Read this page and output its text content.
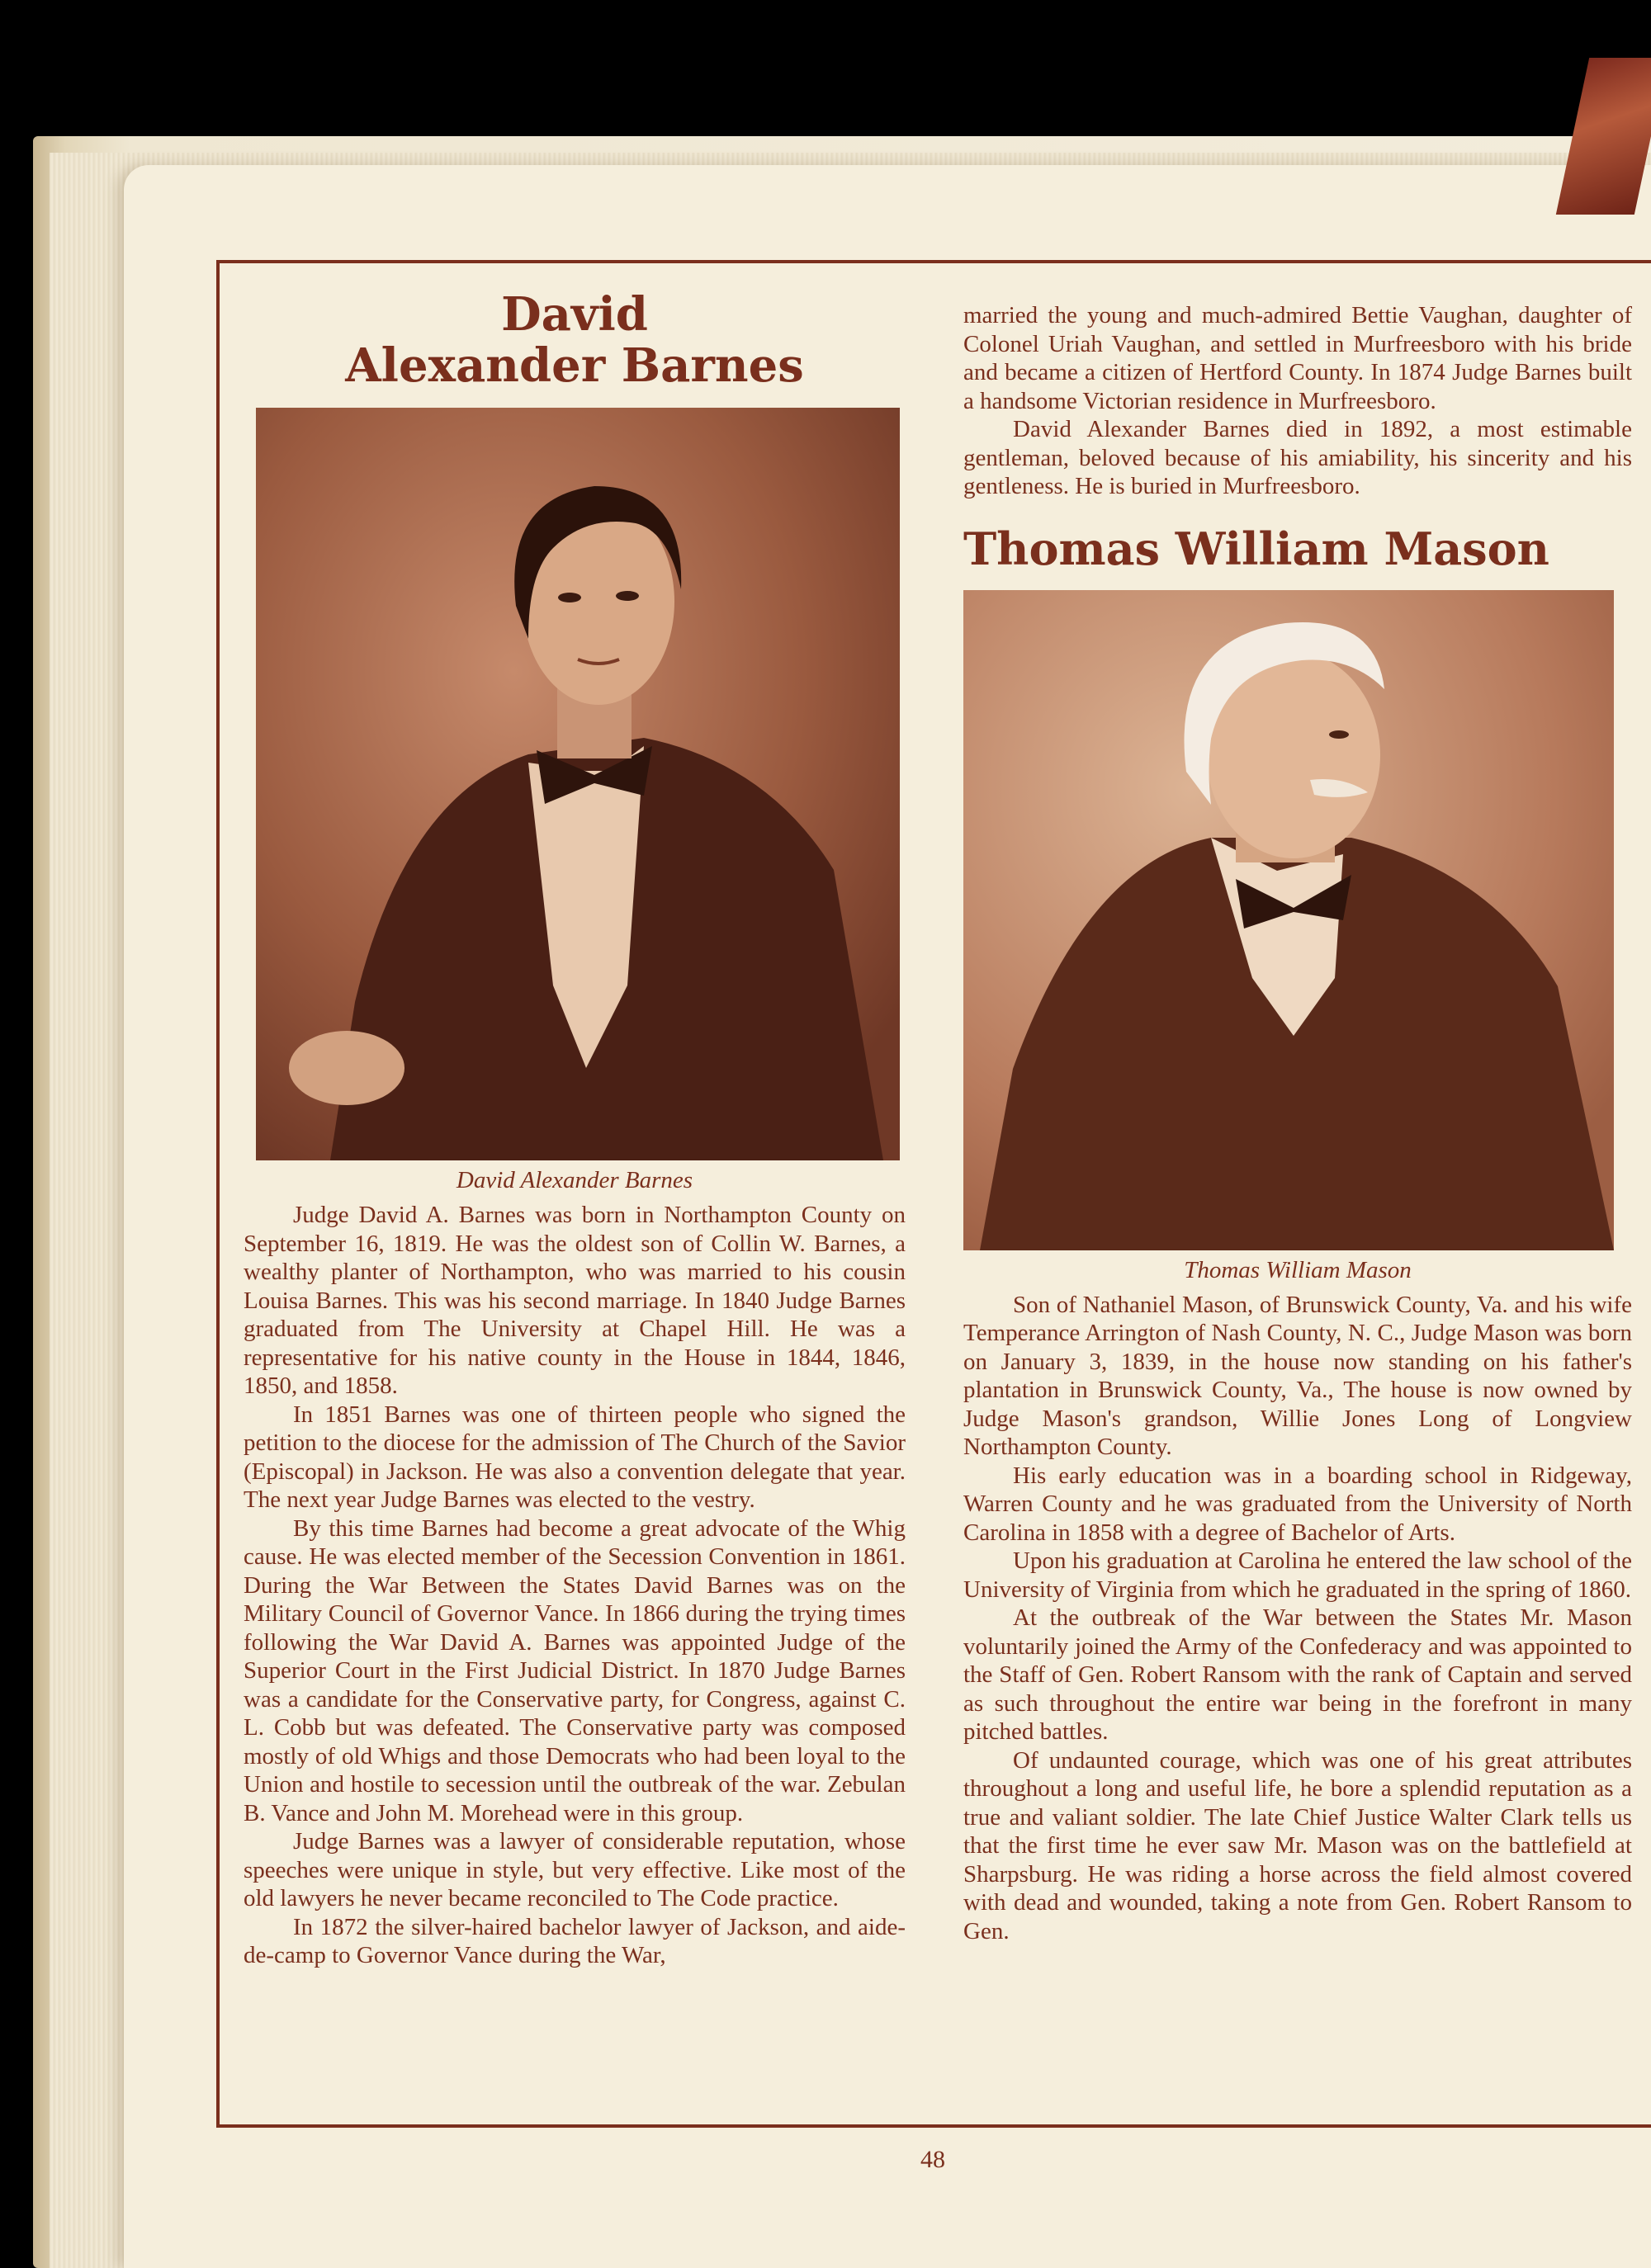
David
Alexander Barnes
David Alexander Barnes

Judge David A. Barnes was born in Northampton County on September 16, 1819. He was the oldest son of Collin W. Barnes, a wealthy planter of Northampton, who was married to his cousin Louisa Barnes. This was his second marriage. In 1840 Judge Barnes graduated from The University at Chapel Hill. He was a representative for his native county in the House in 1844, 1846, 1850, and 1858.

In 1851 Barnes was one of thirteen people who signed the petition to the diocese for the admission of The Church of the Savior (Episcopal) in Jackson. He was also a convention delegate that year. The next year Judge Barnes was elected to the vestry.

By this time Barnes had become a great advocate of the Whig cause. He was elected member of the Secession Convention in 1861. During the War Between the States David Barnes was on the Military Council of Governor Vance. In 1866 during the trying times following the War David A. Barnes was appointed Judge of the Superior Court in the First Judicial District. In 1870 Judge Barnes was a candidate for the Conservative party, for Congress, against C. L. Cobb but was defeated. The Conservative party was composed mostly of old Whigs and those Democrats who had been loyal to the Union and hostile to secession until the outbreak of the war. Zebulan B. Vance and John M. Morehead were in this group.

Judge Barnes was a lawyer of considerable reputation, whose speeches were unique in style, but very effective. Like most of the old lawyers he never became reconciled to The Code practice.

In 1872 the silver-haired bachelor lawyer of Jackson, and aide-de-camp to Governor Vance during the War,

married the young and much-admired Bettie Vaughan, daughter of Colonel Uriah Vaughan, and settled in Murfreesboro with his bride and became a citizen of Hertford County. In 1874 Judge Barnes built a handsome Victorian residence in Murfreesboro.

David Alexander Barnes died in 1892, a most estimable gentleman, beloved because of his amiability, his sincerity and his gentleness. He is buried in Murfreesboro.

Thomas William Mason
Thomas William Mason

Son of Nathaniel Mason, of Brunswick County, Va. and his wife Temperance Arrington of Nash County, N. C., Judge Mason was born on January 3, 1839, in the house now standing on his father's plantation in Brunswick County, Va., The house is now owned by Judge Mason's grandson, Willie Jones Long of Longview Northampton County.

His early education was in a boarding school in Ridgeway, Warren County and he was graduated from the University of North Carolina in 1858 with a degree of Bachelor of Arts.

Upon his graduation at Carolina he entered the law school of the University of Virginia from which he graduated in the spring of 1860.

At the outbreak of the War between the States Mr. Mason voluntarily joined the Army of the Confederacy and was appointed to the Staff of Gen. Robert Ransom with the rank of Captain and served as such throughout the entire war being in the forefront in many pitched battles.

Of undaunted courage, which was one of his great attributes throughout a long and useful life, he bore a splendid reputation as a true and valiant soldier. The late Chief Justice Walter Clark tells us that the first time he ever saw Mr. Mason was on the battlefield at Sharpsburg. He was riding a horse across the field almost covered with dead and wounded, taking a note from Gen. Robert Ransom to Gen.

48
